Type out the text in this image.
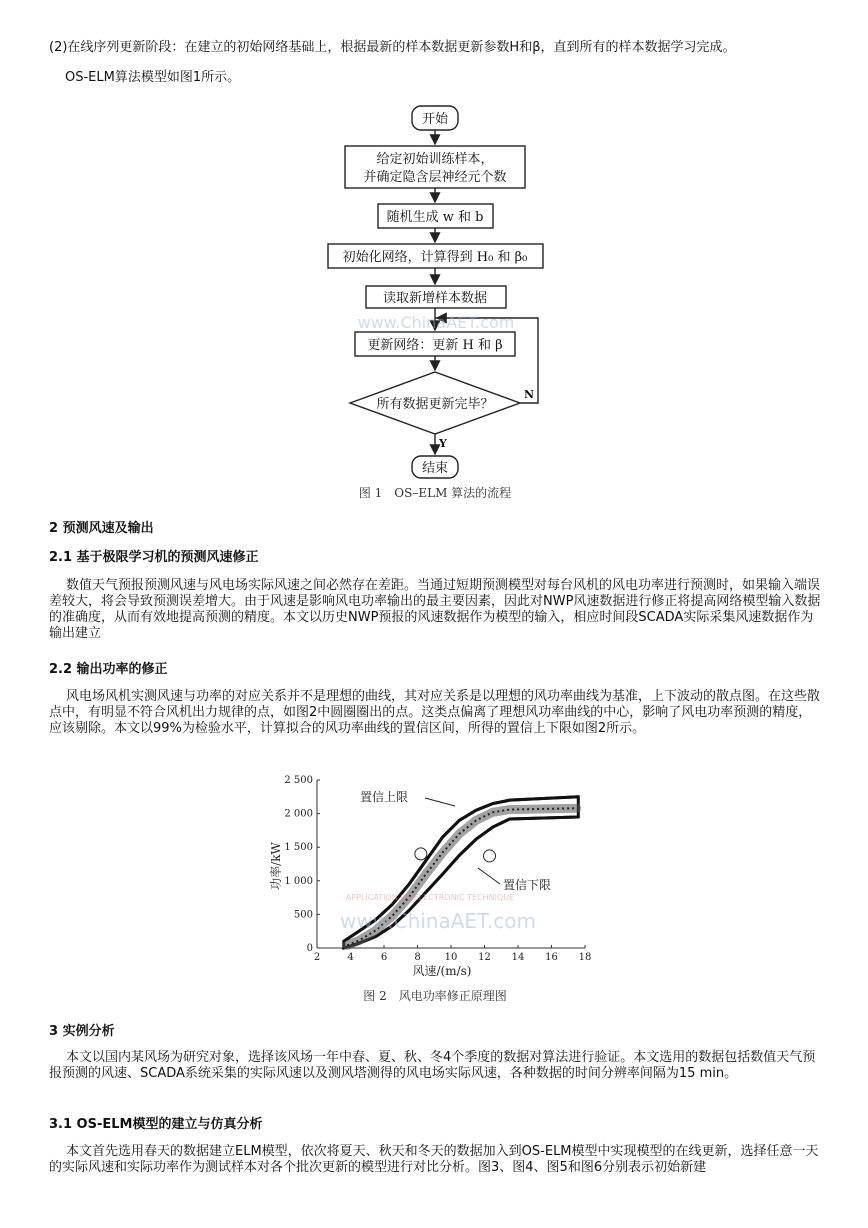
(2)在线序列更新阶段：在建立的初始网络基础上，根据最新的样本数据更新参数H和β，直到所有的样本数据学习完成。
OS-ELM算法模型如图1所示。
开始
给定初始训练样本，
并确定隐含层神经元个数
随机生成 w 和 b
初始化网络，计算得到 H₀ 和 β₀
读取新增样本数据
更新网络：更新 H 和 β
所有数据更新完毕？
结束
N
Y
www.ChinaAET.com
图 1　OS–ELM 算法的流程
2 预测风速及输出
2.1 基于极限学习机的预测风速修正
数值天气预报预测风速与风电场实际风速之间必然存在差距。当通过短期预测模型对每台风机的风电功率进行预测时，如果输入端误差较大，将会导致预测误差增大。由于风速是影响风电功率输出的最主要因素，因此对NWP风速数据进行修正将提高网络模型输入数据的准确度，从而有效地提高预测的精度。本文以历史NWP预报的风速数据作为模型的输入，相应时间段SCADA实际采集风速数据作为输出建立
2.2 输出功率的修正
风电场风机实测风速与功率的对应关系并不是理想的曲线，其对应关系是以理想的风功率曲线为基准，上下波动的散点图。在这些散点中，有明显不符合风机出力规律的点，如图2中圆圈圈出的点。这类点偏离了理想风功率曲线的中心，影响了风电功率预测的精度，应该剔除。本文以99%为检验水平，计算拟合的风功率曲线的置信区间，所得的置信上下限如图2所示。
2	4	6	8 10 12 14 16 18
0
500
1 000
1 500
2 000
2 500
功率/kW
风速/(m/s)
置信上限
置信下限
APPLICATION OF ELECTRONIC TECHNIQUE
www.ChinaAET.com
图 2　风电功率修正原理图
3 实例分析
本文以国内某风场为研究对象，选择该风场一年中春、夏、秋、冬4个季度的数据对算法进行验证。本文选用的数据包括数值天气预报预测的风速、SCADA系统采集的实际风速以及测风塔测得的风电场实际风速，各种数据的时间分辨率间隔为15 min。
3.1 OS-ELM模型的建立与仿真分析
本文首先选用春天的数据建立ELM模型，依次将夏天、秋天和冬天的数据加入到OS-ELM模型中实现模型的在线更新，选择任意一天的实际风速和实际功率作为测试样本对各个批次更新的模型进行对比分析。图3、图4、图5和图6分别表示初始新建
